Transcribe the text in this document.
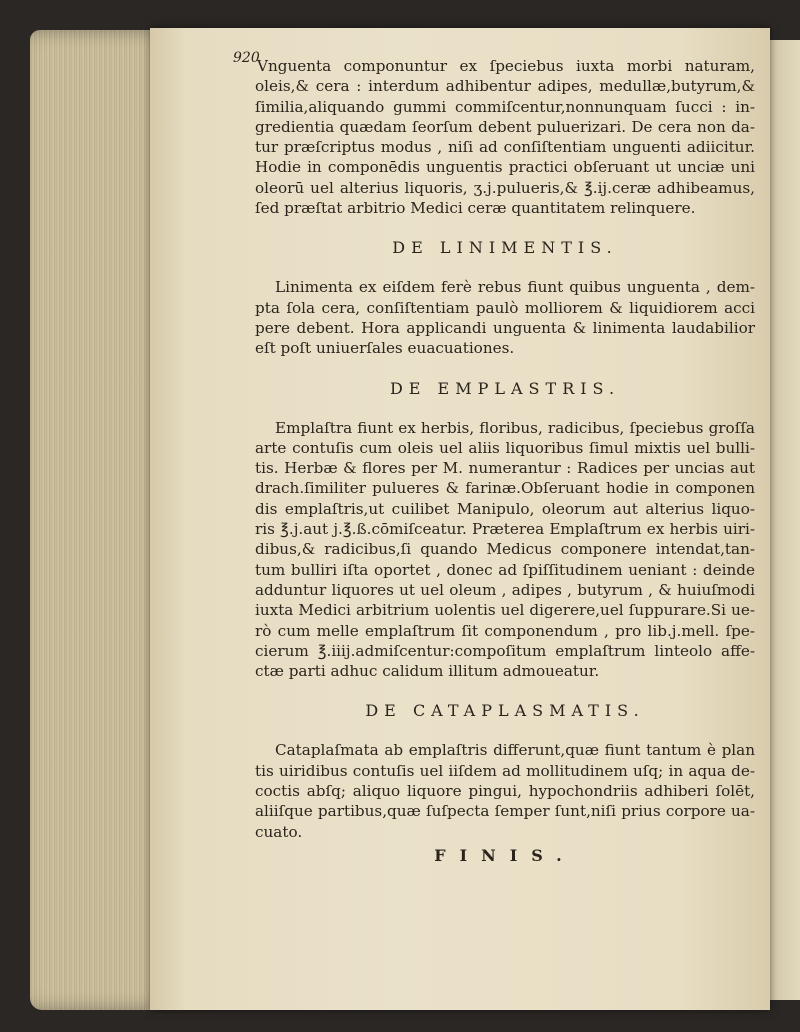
920
Vnguenta componuntur ex ſpeciebus iuxta morbi naturam,
oleis,& cera : interdum adhibentur adipes, medullæ,butyrum,&
ſimilia,aliquando gummi commiſcentur,nonnunquam ſucci : in-
gredientia quædam ſeorſum debent puluerizari. De cera non da-
tur præſcriptus modus , niſi ad conſiſtentiam unguenti adiicitur.
Hodie in componēdis unguentis practici obſeruant ut unciæ uni
oleorū uel alterius liquoris, ʒ.j.pulueris,& ℥.ij.ceræ adhibeamus,
ſed præſtat arbitrio Medici ceræ quantitatem relinquere.
DE LINIMENTIS.
Linimenta ex eiſdem ferè rebus fiunt quibus unguenta , dem-
pta ſola cera, conſiſtentiam paulò molliorem & liquidiorem acci
pere debent. Hora applicandi unguenta & linimenta laudabilior
eſt poſt uniuerſales euacuationes.
DE EMPLASTRIS.
Emplaſtra fiunt ex herbis, floribus, radicibus, ſpeciebus groſſa
arte contuſis cum oleis uel aliis liquoribus ſimul mixtis uel bulli-
tis. Herbæ & flores per M. numerantur : Radices per uncias aut
drach.ſimiliter pulueres & farinæ.Obſeruant hodie in componen
dis emplaſtris,ut cuilibet Manipulo, oleorum aut alterius liquo-
ris ℥.j.aut j.℥.ß.cōmiſceatur. Præterea Emplaſtrum ex herbis uiri-
dibus,& radicibus,ſi quando Medicus componere intendat,tan-
tum bulliri iſta oportet , donec ad ſpiſſitudinem ueniant : deinde
adduntur liquores ut uel oleum , adipes , butyrum , & huiuſmodi
iuxta Medici arbitrium uolentis uel digerere,uel ſuppurare.Si ue-
rò cum melle emplaſtrum ſit componendum , pro lib.j.mell. ſpe-
cierum ℥.iiij.admiſcentur:compoſitum emplaſtrum linteolo affe-
ctæ parti adhuc calidum illitum admoueatur.
DE CATAPLASMATIS.
Cataplaſmata ab emplaſtris differunt,quæ fiunt tantum è plan
tis uiridibus contuſis uel iiſdem ad mollitudinem uſq; in aqua de-
coctis abſq; aliquo liquore pingui, hypochondriis adhiberi ſolēt,
aliiſque partibus,quæ ſuſpecta ſemper ſunt,niſi prius corpore ua-
cuato.
FINIS.
